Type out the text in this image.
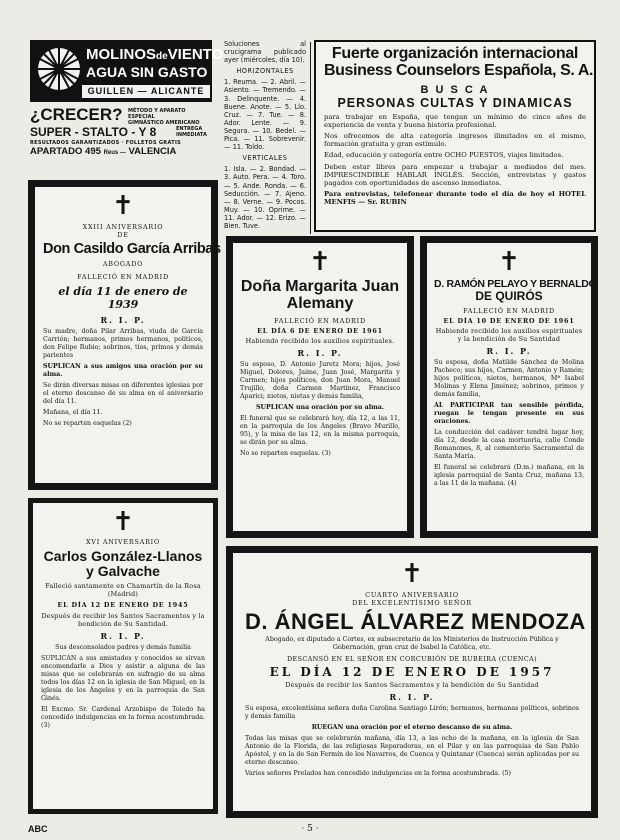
MOLINOSdeVIENTO
AGUA SIN GASTO
GUILLEN — ALICANTE
¿CRECER?	MÉTODO Y APARATO ESPECIAL
GIMNÁSTICO AMERICANO
SUPER - STALTO - Y 8	ENTREGA INMEDIATA
RESULTADOS GARANTIZADOS · FOLLETOS GRATIS
APARTADO 495 Reus — VALENCIA
✝
XXIII ANIVERSARIO
DE
Don Casildo García Arribas
ABOGADO
FALLECIÓ EN MADRID
el día 11 de enero de 1939
R. I. P.

Su madre, doña Pilar Arribas, viuda de García Carrión; hermanos, primos hermanos, políticos, don Felipe Rubio; sobrinos, tíos, primos y demás parientes

SUPLICAN a sus amigos una oración por su alma.

Se dirán diversas misas en diferentes iglesias por el eterno descanso de su alma en el aniversario del día 11.

Mañana, el día 11.

No se reparten esquelas (2)

✝
XVI ANIVERSARIO
Carlos González-Llanos
y Galvache
Falleció santamente en Chamartín de la Rosa (Madrid)
EL DÍA 12 DE ENERO DE 1945
Después de recibir los Santos Sacramentos y la bendición de Su Santidad.
R. I. P.

Sus desconsolados padres y demás familia

SUPLICAN a sus amistades y conocidos se sirvan encomendarle a Dios y asistir a alguna de las misas que se celebrarán en sufragio de su alma todos los días 12 en la iglesia de San Miguel, en la iglesia de los Ángeles y en la parroquia de San Ginés.

El Excmo. Sr. Cardenal Arzobispo de Toledo ha concedido indulgencias en la forma acostumbrada. (3)

Soluciones al crucigrama publicado ayer (miércoles, día 10).

HORIZONTALES

1. Reuma. — 2. Abril. — Asiento. — Tremendo. — 3. Delinquente. — 4. Buene. Anote. — 5. Llo. Cruz. — 7. Tue. — 8. Ador. Lente. — 9. Segura. — 10. Bedel. — Pica. — 11. Sobrevenir. — 11. Toldo.

VERTICALES

1. Isla. — 2. Bondad. — 3. Auto. Pera. — 4. Toro. — 5. Ande. Ronda. — 6. Seducción. — 7. Ajeno. — 8. Verne. — 9. Pocos. Muy. — 10. Oprime. — 11. Ador. — 12. Erizo. — Bien. Tuve.

Fuerte organización internacional
Business Counselors Española, S. A.
B U S C A
PERSONAS CULTAS Y DINAMICAS

para trabajar en España, que tengan un mínimo de cinco años de experiencia de venta y buena historia profesional.

Nos ofrecemos de alta categoría ingresos ilimitados en el mismo, formación gratuita y gran estímulo.

Edad, educación y categoría entre OCHO PUESTOS, viajes limitados.

Deben estar libres para empezar a trabajar a mediados del mes. IMPRESCINDIBLE HABLAR INGLÉS. Sección, entrevistas y gastos pagados con oportunidades de ascenso inmediatos.

Para entrevistas, telefonear durante todo el día de hoy el HOTEL MENFIS — Sr. RUBIN

✝
Doña Margarita Juan
Alemany
FALLECIÓ EN MADRID
EL DÍA 6 DE ENERO DE 1961
Habiendo recibido los auxilios espirituales.
R. I. P.

Su esposo, D. Antonio Juretz Mora; hijos, José Miguel, Dolores, Jaime, Juan José, Margarita y Carmen; hijos políticos, don Juan Mora, Manuel Trujillo, doña Carmen Martínez, Francisco Aparici; nietos, nietas y demás familia,

SUPLICAN una oración por su alma.

El funeral que se celebrará hoy, día 12, a las 11, en la parroquia de los Ángeles (Bravo Murillo, 95), y la misa de las 12, en la misma parroquia, se dirán por su alma.

No se reparten esquelas. (3)

✝
D. RAMÓN PELAYO Y BERNALDO
DE QUIRÓS
FALLECIÓ EN MADRID
EL DÍA 10 DE ENERO DE 1961
Habiendo recibido los auxilios espirituales y la bendición de Su Santidad
R. I. P.

Su esposa, doña Matilde Sánchez de Molina Pacheco; sus hijos, Carmen, Antonio y Ramón; hijos políticos, nietos, hermanos, Mª Isabel Molinas y Elena Jiménez; sobrinos, primos y demás familia,

AL PARTICIPAR tan sensible pérdida, ruegan le tengan presente en sus oraciones.

La conducción del cadáver tendrá lugar hoy, día 12, desde la casa mortuoria, calle Conde Romanones, 8, al cementerio Sacramental de Santa María.

El funeral se celebrará (D.m.) mañana, en la iglesia parroquial de Santa Cruz, mañana 13, a las 11 de la mañana. (4)

✝
CUARTO ANIVERSARIO
DEL EXCELENTÍSIMO SEÑOR
D. ÁNGEL ÁLVAREZ MENDOZA
Abogado, ex diputado a Cortes, ex subsecretario de los Ministerios de Instrucción Pública y Gobernación, gran cruz de Isabel la Católica, etc.
DESCANSÓ EN EL SEÑOR EN CORCUBIÓN DE RUBEIRA (CUENCA)
EL DÍA 12 DE ENERO DE 1957
Después de recibir los Santos Sacramentos y la bendición de Su Santidad
R. I. P.

Su esposa, excelentísima señora doña Carolina Santiago Lirón; hermanos, hermanas políticos, sobrinos y demás familia

RUEGAN una oración por el eterno descanso de su alma.

Todas las misas que se celebrarán mañana, día 13, a las ocho de la mañana, en la iglesia de San Antonio de la Florida, de las religiosas Reparadoras, en el Pilar y en las parroquias de San Pablo Apóstol, y en la de San Fermín de los Navarros, de Cuenca y Quintanar (Cuenca) serán aplicadas por su eterno descanso.

Varios señores Prelados han concedido indulgencias en la forma acostumbrada. (5)

ABC	· 5 ·
